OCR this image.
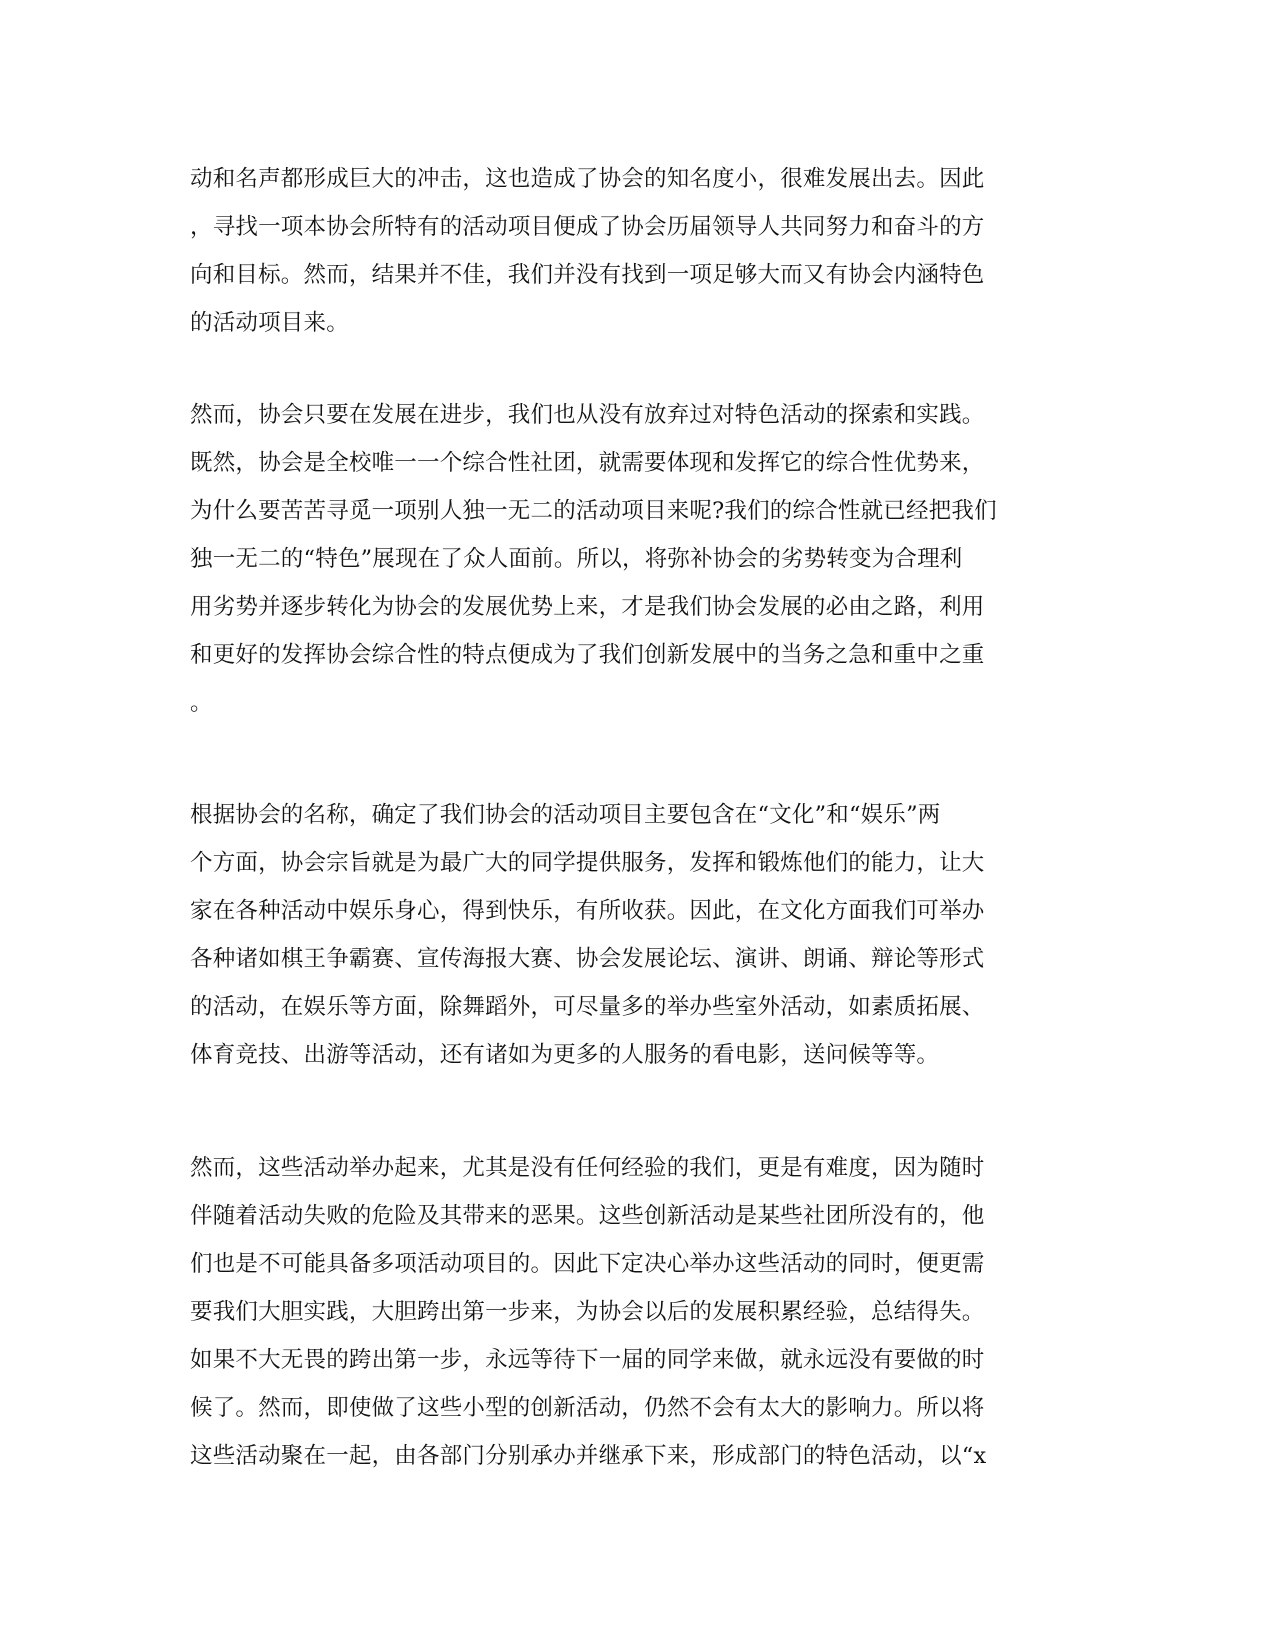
动和名声都形成巨大的冲击，这也造成了协会的知名度小，很难发展出去。因此
，寻找一项本协会所特有的活动项目便成了协会历届领导人共同努力和奋斗的方
向和目标。然而，结果并不佳，我们并没有找到一项足够大而又有协会内涵特色
的活动项目来。
然而，协会只要在发展在进步，我们也从没有放弃过对特色活动的探索和实践。
既然，协会是全校唯一一个综合性社团，就需要体现和发挥它的综合性优势来，
为什么要苦苦寻觅一项别人独一无二的活动项目来呢?我们的综合性就已经把我们
独一无二的“特色”展现在了众人面前。所以，将弥补协会的劣势转变为合理利
用劣势并逐步转化为协会的发展优势上来，才是我们协会发展的必由之路，利用
和更好的发挥协会综合性的特点便成为了我们创新发展中的当务之急和重中之重
。
根据协会的名称，确定了我们协会的活动项目主要包含在“文化”和“娱乐”两
个方面，协会宗旨就是为最广大的同学提供服务，发挥和锻炼他们的能力，让大
家在各种活动中娱乐身心，得到快乐，有所收获。因此，在文化方面我们可举办
各种诸如棋王争霸赛、宣传海报大赛、协会发展论坛、演讲、朗诵、辩论等形式
的活动，在娱乐等方面，除舞蹈外，可尽量多的举办些室外活动，如素质拓展、
体育竞技、出游等活动，还有诸如为更多的人服务的看电影，送问候等等。
然而，这些活动举办起来，尤其是没有任何经验的我们，更是有难度，因为随时
伴随着活动失败的危险及其带来的恶果。这些创新活动是某些社团所没有的，他
们也是不可能具备多项活动项目的。因此下定决心举办这些活动的同时，便更需
要我们大胆实践，大胆跨出第一步来，为协会以后的发展积累经验，总结得失。
如果不大无畏的跨出第一步，永远等待下一届的同学来做，就永远没有要做的时
候了。然而，即使做了这些小型的创新活动，仍然不会有太大的影响力。所以将
这些活动聚在一起，由各部门分别承办并继承下来，形成部门的特色活动，以“x
